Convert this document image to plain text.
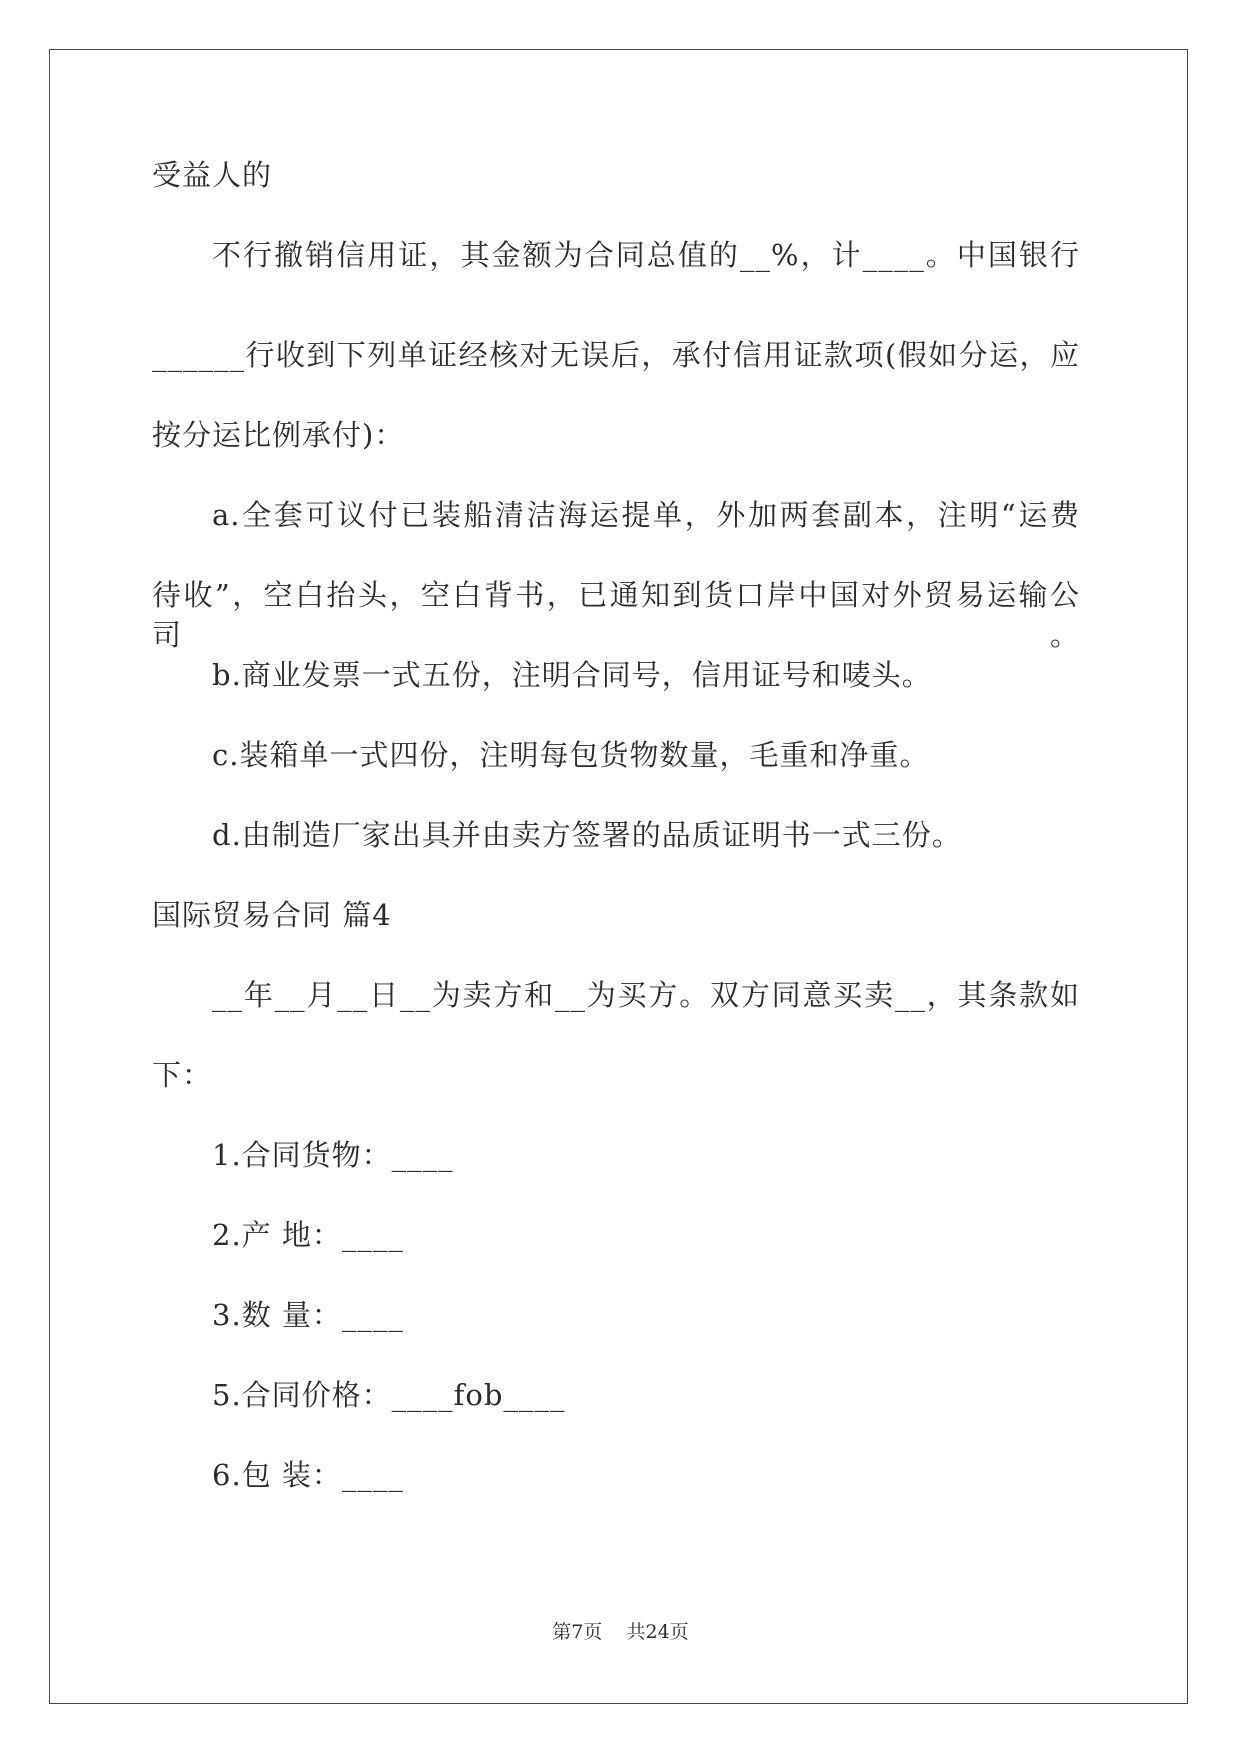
受益人的
不行撤销信用证，其金额为合同总值的__%，计____。中国银行
______行收到下列单证经核对无误后，承付信用证款项(假如分运，应
按分运比例承付)：
a.全套可议付已装船清洁海运提单，外加两套副本，注明“运费
待收”，空白抬头，空白背书，已通知到货口岸中国对外贸易运输公司。
b.商业发票一式五份，注明合同号，信用证号和唛头。
c.装箱单一式四份，注明每包货物数量，毛重和净重。
d.由制造厂家出具并由卖方签署的品质证明书一式三份。
国际贸易合同 篇4
__年__月__日__为卖方和__为买方。双方同意买卖__，其条款如
下：
1.合同货物：____
2.产 地：____
3.数 量：____
5.合同价格：____fob____
6.包 装：____
第7页 共24页
